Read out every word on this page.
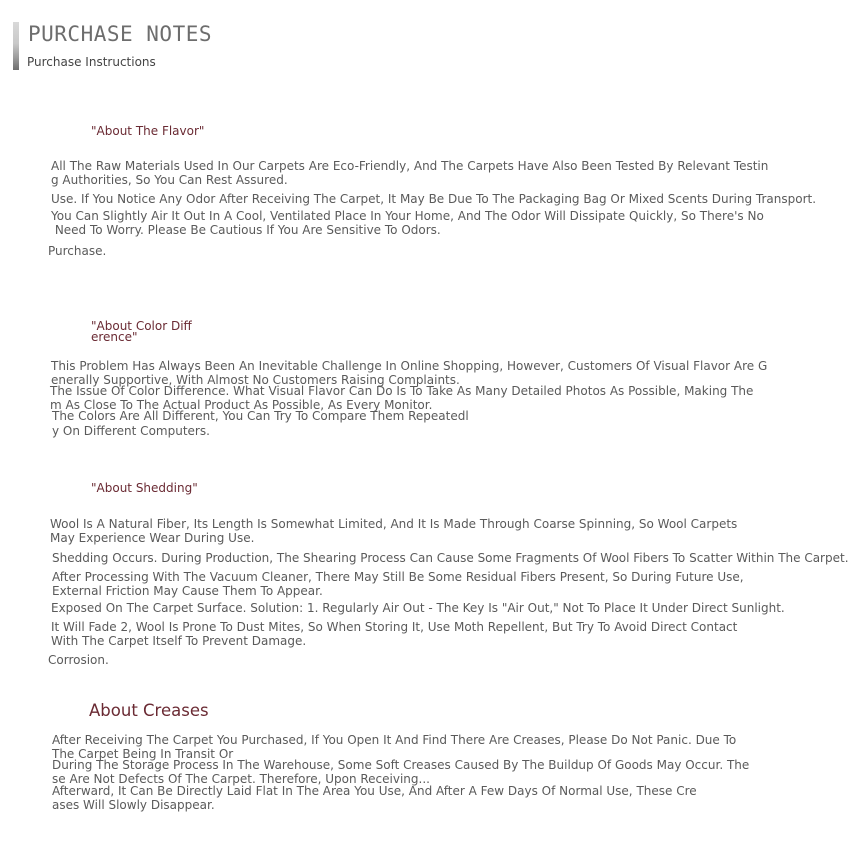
PURCHASE NOTES
Purchase Instructions
"About The Flavor"
All The Raw Materials Used In Our Carpets Are Eco-Friendly, And The Carpets Have Also Been Tested By Relevant Testin
g Authorities, So You Can Rest Assured.
Use. If You Notice Any Odor After Receiving The Carpet, It May Be Due To The Packaging Bag Or Mixed Scents During Transport.
You Can Slightly Air It Out In A Cool, Ventilated Place In Your Home, And The Odor Will Dissipate Quickly, So There's No
Need To Worry. Please Be Cautious If You Are Sensitive To Odors.
Purchase.
"About Color Diff
erence"
This Problem Has Always Been An Inevitable Challenge In Online Shopping, However, Customers Of Visual Flavor Are G
enerally Supportive, With Almost No Customers Raising Complaints.
The Issue Of Color Difference. What Visual Flavor Can Do Is To Take As Many Detailed Photos As Possible, Making The
m As Close To The Actual Product As Possible, As Every Monitor.
The Colors Are All Different, You Can Try To Compare Them Repeatedl
y On Different Computers.
"About Shedding"
Wool Is A Natural Fiber, Its Length Is Somewhat Limited, And It Is Made Through Coarse Spinning, So Wool Carpets
May Experience Wear During Use.
Shedding Occurs. During Production, The Shearing Process Can Cause Some Fragments Of Wool Fibers To Scatter Within The Carpet.
After Processing With The Vacuum Cleaner, There May Still Be Some Residual Fibers Present, So During Future Use,
External Friction May Cause Them To Appear.
Exposed On The Carpet Surface. Solution: 1. Regularly Air Out - The Key Is "Air Out," Not To Place It Under Direct Sunlight.
It Will Fade 2, Wool Is Prone To Dust Mites, So When Storing It, Use Moth Repellent, But Try To Avoid Direct Contact
With The Carpet Itself To Prevent Damage.
Corrosion.
About Creases
After Receiving The Carpet You Purchased, If You Open It And Find There Are Creases, Please Do Not Panic. Due To
The Carpet Being In Transit Or
During The Storage Process In The Warehouse, Some Soft Creases Caused By The Buildup Of Goods May Occur. The
se Are Not Defects Of The Carpet. Therefore, Upon Receiving...
Afterward, It Can Be Directly Laid Flat In The Area You Use, And After A Few Days Of Normal Use, These Cre
ases Will Slowly Disappear.
